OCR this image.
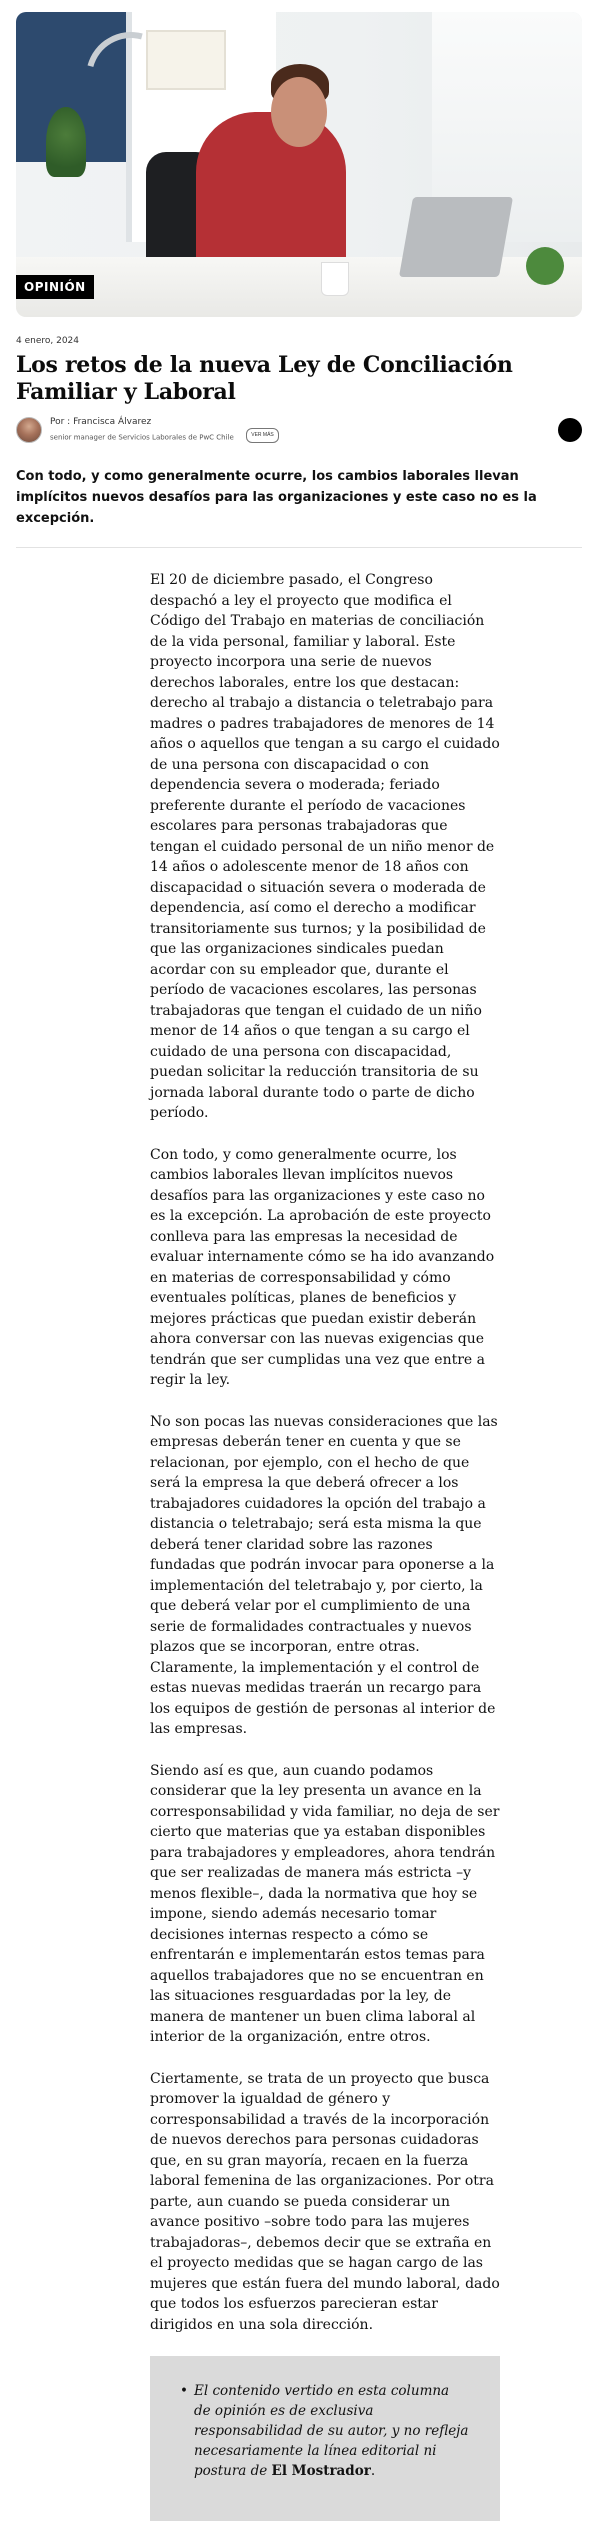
OPINIÓN
4 enero, 2024
Los retos de la nueva Ley de Conciliación Familiar y Laboral
Por : Francisca Álvarez
senior manager de Servicios Laborales de PwC Chile	VER MÁS

Con todo, y como generalmente ocurre, los cambios laborales llevan implícitos nuevos desafíos para las organizaciones y este caso no es la excepción.

El 20 de diciembre pasado, el Congreso despachó a ley el proyecto que modifica el Código del Trabajo en materias de conciliación de la vida personal, familiar y laboral. Este proyecto incorpora una serie de nuevos derechos laborales, entre los que destacan: derecho al trabajo a distancia o teletrabajo para madres o padres trabajadores de menores de 14 años o aquellos que tengan a su cargo el cuidado de una persona con discapacidad o con dependencia severa o moderada; feriado preferente durante el período de vacaciones escolares para personas trabajadoras que tengan el cuidado personal de un niño menor de 14 años o adolescente menor de 18 años con discapacidad o situación severa o moderada de dependencia, así como el derecho a modificar transitoriamente sus turnos; y la posibilidad de que las organizaciones sindicales puedan acordar con su empleador que, durante el período de vacaciones escolares, las personas trabajadoras que tengan el cuidado de un niño menor de 14 años o que tengan a su cargo el cuidado de una persona con discapacidad, puedan solicitar la reducción transitoria de su jornada laboral durante todo o parte de dicho período.

Con todo, y como generalmente ocurre, los cambios laborales llevan implícitos nuevos desafíos para las organizaciones y este caso no es la excepción. La aprobación de este proyecto conlleva para las empresas la necesidad de evaluar internamente cómo se ha ido avanzando en materias de corresponsabilidad y cómo eventuales políticas, planes de beneficios y mejores prácticas que puedan existir deberán ahora conversar con las nuevas exigencias que tendrán que ser cumplidas una vez que entre a regir la ley.

No son pocas las nuevas consideraciones que las empresas deberán tener en cuenta y que se relacionan, por ejemplo, con el hecho de que será la empresa la que deberá ofrecer a los trabajadores cuidadores la opción del trabajo a distancia o teletrabajo; será esta misma la que deberá tener claridad sobre las razones fundadas que podrán invocar para oponerse a la implementación del teletrabajo y, por cierto, la que deberá velar por el cumplimiento de una serie de formalidades contractuales y nuevos plazos que se incorporan, entre otras. Claramente, la implementación y el control de estas nuevas medidas traerán un recargo para los equipos de gestión de personas al interior de las empresas.

Siendo así es que, aun cuando podamos considerar que la ley presenta un avance en la corresponsabilidad y vida familiar, no deja de ser cierto que materias que ya estaban disponibles para trabajadores y empleadores, ahora tendrán que ser realizadas de manera más estricta –y menos flexible–, dada la normativa que hoy se impone, siendo además necesario tomar decisiones internas respecto a cómo se enfrentarán e implementarán estos temas para aquellos trabajadores que no se encuentran en las situaciones resguardadas por la ley, de manera de mantener un buen clima laboral al interior de la organización, entre otros.

Ciertamente, se trata de un proyecto que busca promover la igualdad de género y corresponsabilidad a través de la incorporación de nuevos derechos para personas cuidadoras que, en su gran mayoría, recaen en la fuerza laboral femenina de las organizaciones. Por otra parte, aun cuando se pueda considerar un avance positivo –sobre todo para las mujeres trabajadoras–, debemos decir que se extraña en el proyecto medidas que se hagan cargo de las mujeres que están fuera del mundo laboral, dado que todos los esfuerzos parecieran estar dirigidos en una sola dirección.

• El contenido vertido en esta columna de opinión es de exclusiva responsabilidad de su autor, y no refleja necesariamente la línea editorial ni postura de El Mostrador.
